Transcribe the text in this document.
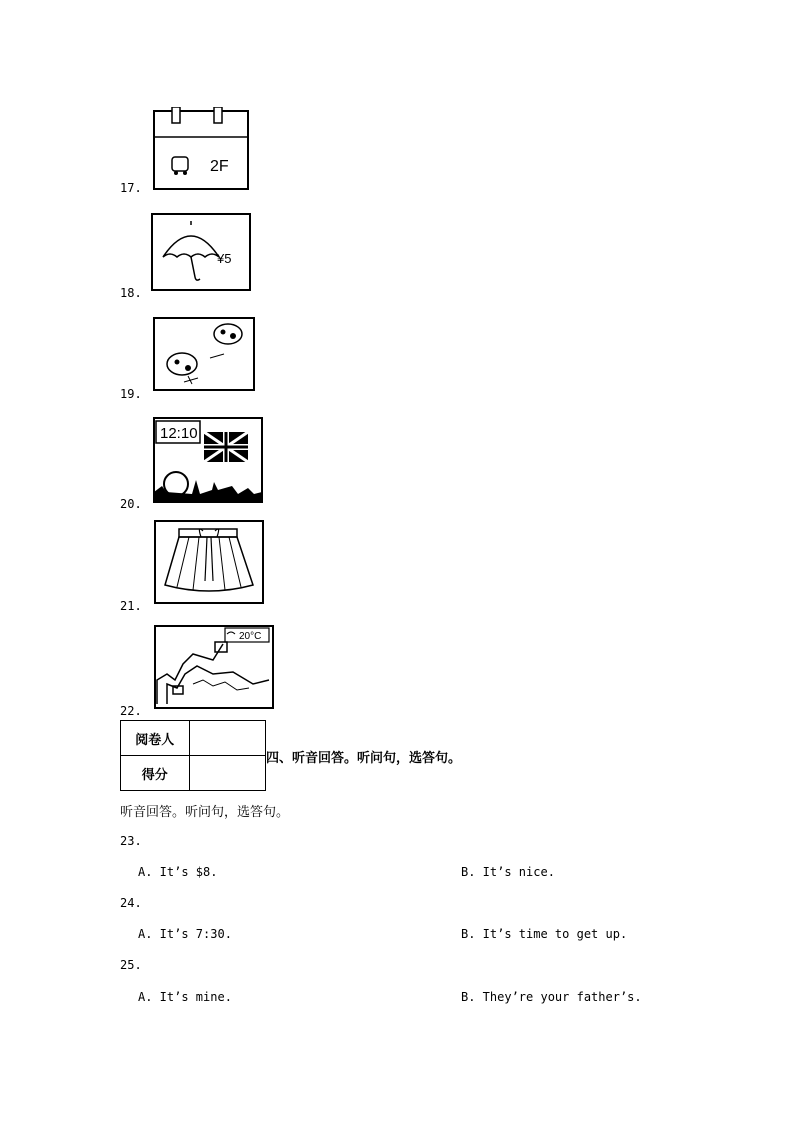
17.
2F
18.
¥5
19.
20.
12:10
21.
22.
20°C
阅卷人	
得分	
四、听音回答。听问句，选答句。
听音回答。听问句，选答句。
23.
A. It’s $8.	B. It’s nice.
24.
A. It’s 7:30.	B. It’s time to get up.
25.
A. It’s mine.	B. They’re your father’s.
